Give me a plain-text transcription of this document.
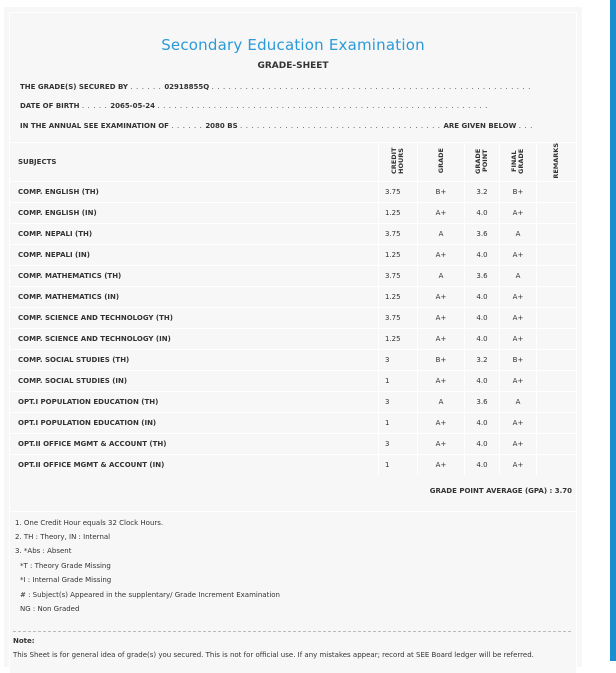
Secondary Education Examination
GRADE-SHEET
THE GRADE(S) SECURED BY . . . . . . 02918855Q . . . . . . . . . . . . . . . . . . . . . . . . . . . . . . . . . . . . . . . . . . . . . . . . . . . . . . . . .
DATE OF BIRTH . . . . . 2065-05-24 . . . . . . . . . . . . . . . . . . . . . . . . . . . . . . . . . . . . . . . . . . . . . . . . . . . . . . . . . . .
IN THE ANNUAL SEE EXAMINATION OF . . . . . . 2080 BS . . . . . . . . . . . . . . . . . . . . . . . . . . . . . . . . . . . . ARE GIVEN BELOW . . .
SUBJECTS	CREDIT HOURS	GRADE	GRADE POINT	FINAL GRADE	REMARKS
COMP. ENGLISH (TH)	3.75	B+	3.2	B+	
COMP. ENGLISH (IN)	1.25	A+	4.0	A+	
COMP. NEPALI (TH)	3.75	A	3.6	A	
COMP. NEPALI (IN)	1.25	A+	4.0	A+	
COMP. MATHEMATICS (TH)	3.75	A	3.6	A	
COMP. MATHEMATICS (IN)	1.25	A+	4.0	A+	
COMP. SCIENCE AND TECHNOLOGY (TH)	3.75	A+	4.0	A+	
COMP. SCIENCE AND TECHNOLOGY (IN)	1.25	A+	4.0	A+	
COMP. SOCIAL STUDIES (TH)	3	B+	3.2	B+	
COMP. SOCIAL STUDIES (IN)	1	A+	4.0	A+	
OPT.I POPULATION EDUCATION (TH)	3	A	3.6	A	
OPT.I POPULATION EDUCATION (IN)	1	A+	4.0	A+	
OPT.II OFFICE MGMT & ACCOUNT (TH)	3	A+	4.0	A+	
OPT.II OFFICE MGMT & ACCOUNT (IN)	1	A+	4.0	A+	
GRADE POINT AVERAGE (GPA) : 3.70
1. One Credit Hour equals 32 Clock Hours.
2. TH : Theory, IN : Internal
3. *Abs : Absent
*T : Theory Grade Missing
*I : Internal Grade Missing
# : Subject(s) Appeared in the supplentary/ Grade Increment Examination
NG : Non Graded
Note:
This Sheet is for general idea of grade(s) you secured. This is not for official use. If any mistakes appear; record at SEE Board ledger will be referred.
